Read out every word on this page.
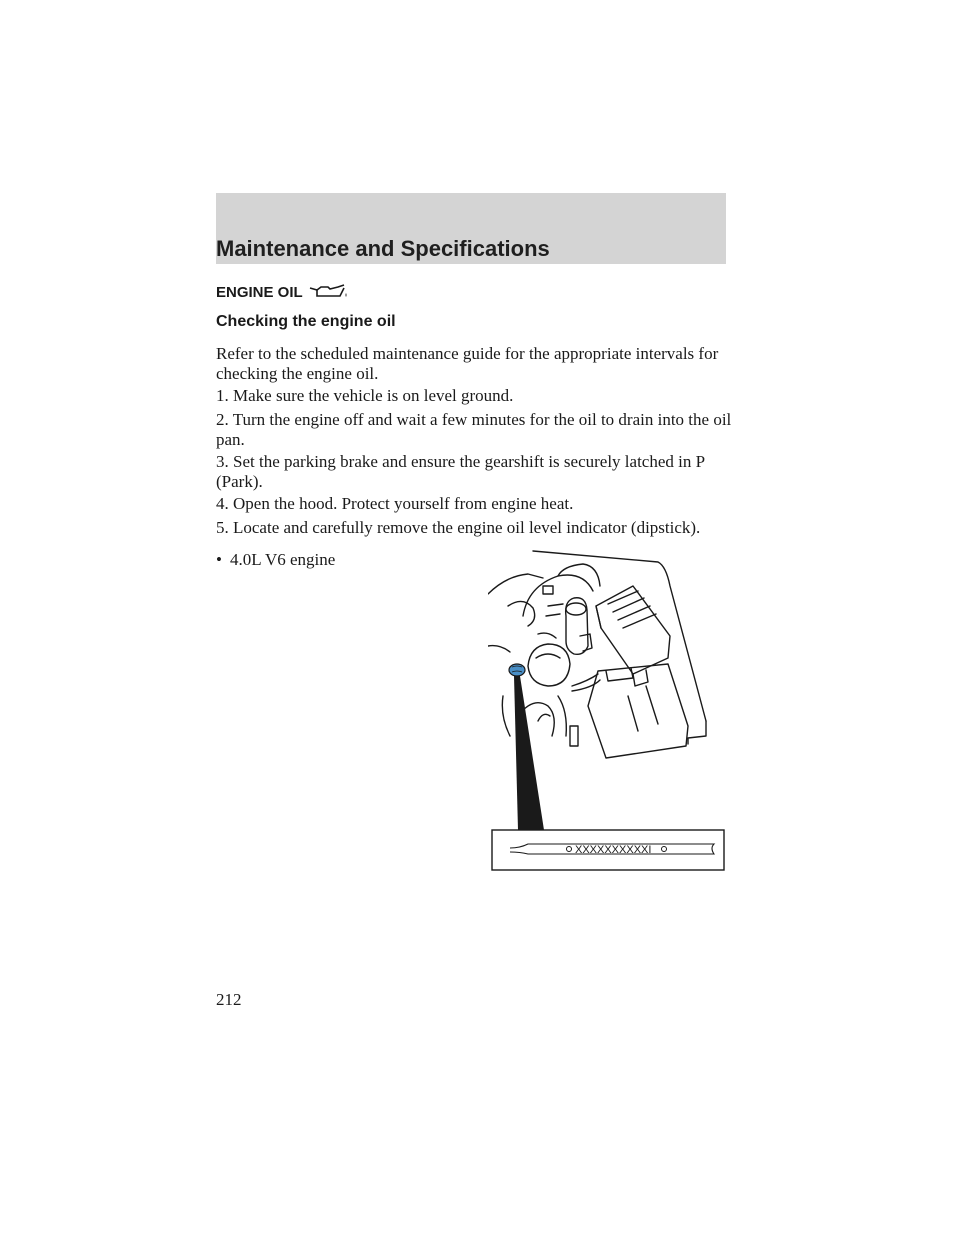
Maintenance and Specifications
ENGINE OIL
Checking the engine oil

Refer to the scheduled maintenance guide for the appropriate intervals for checking the engine oil.

1. Make sure the vehicle is on level ground.

2. Turn the engine off and wait a few minutes for the oil to drain into the oil pan.

3. Set the parking brake and ensure the gearshift is securely latched in P (Park).

4. Open the hood. Protect yourself from engine heat.

5. Locate and carefully remove the engine oil level indicator (dipstick).

• 4.0L V6 engine
XXXXXXXXXXI
212
